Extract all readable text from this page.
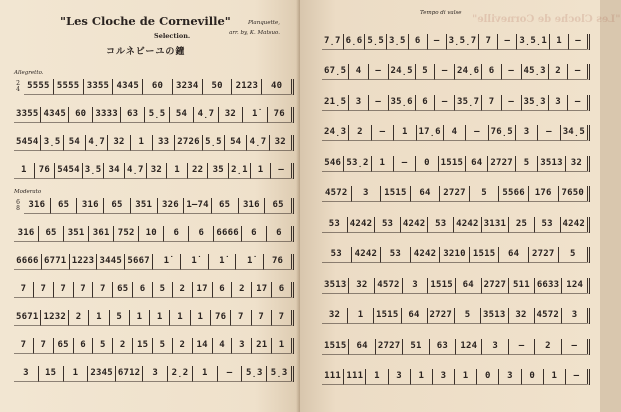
"Les Cloche de Corneville"
Selection.
コルネビーユの鐘
Planquette,
arr. by, K. Matsuo.
Allegretto.
2
4 5555 5555 3355 4345	60	3234	50	2123	40
3355 4345	60	3333	63	5̣5	54	4̣7	32	1̇	76
5454 3̣5 54 4̣7 32	1	33 2726 5̣5 54 4̣7 32
1	76 5454 3̣5 34 4̣7 32	1	22	35 2̣1	1	—
Moderato
6
8 316	65	316	65	351	326 1—74	65	316	65
316	65	351 361 752	10	6	6	6666	6	6
6666 6771 1223 3445 5667	1̇	1̇	1̇	1̇	76
7	7	7	7	7	65	6	5	2	17	6	2	17	6
5671 1232	2	1	5	1	1	1	1	76	7	7	7
7	7	65	6	5	2	15	5	2	14	4	3	21	1
3	15	1	2345 6712	3	2̣2	1	—	5̣3 5̣3
Tempo di valse
"Les Cloche de Corneville"
7̣7 6̣6 5̣5 3̣5	6	—	3̣5̣7	7	—	3̣5̣1	1	—
67̣5	4	—	24̣5	5	—	24̣6	6	—	45̣3	2	—
21̣5	3	—	35̣6	6	—	35̣7	7	—	35̣3	3	—
24̣3	2	—	1	17̣6	4	—	76̣5	3	—	34̣5
546 53̣2	1	—	0	1515 64 2727	5	3513 32
4572	3	1515	64	2727	5	5566	176	7650
53	4242	53	4242	53	4242 3131	25	53	4242
53	4242	53	4242 3210 1515	64	2727	5
3513	32	4572	3	1515	64	2727 511 6633 124
32	1	1515	64	2727	5	3513	32	4572	3
1515	64	2727	51	63	124	3	—	2	—
111 111	1	3	1	3	1	0	3	0	1	—
